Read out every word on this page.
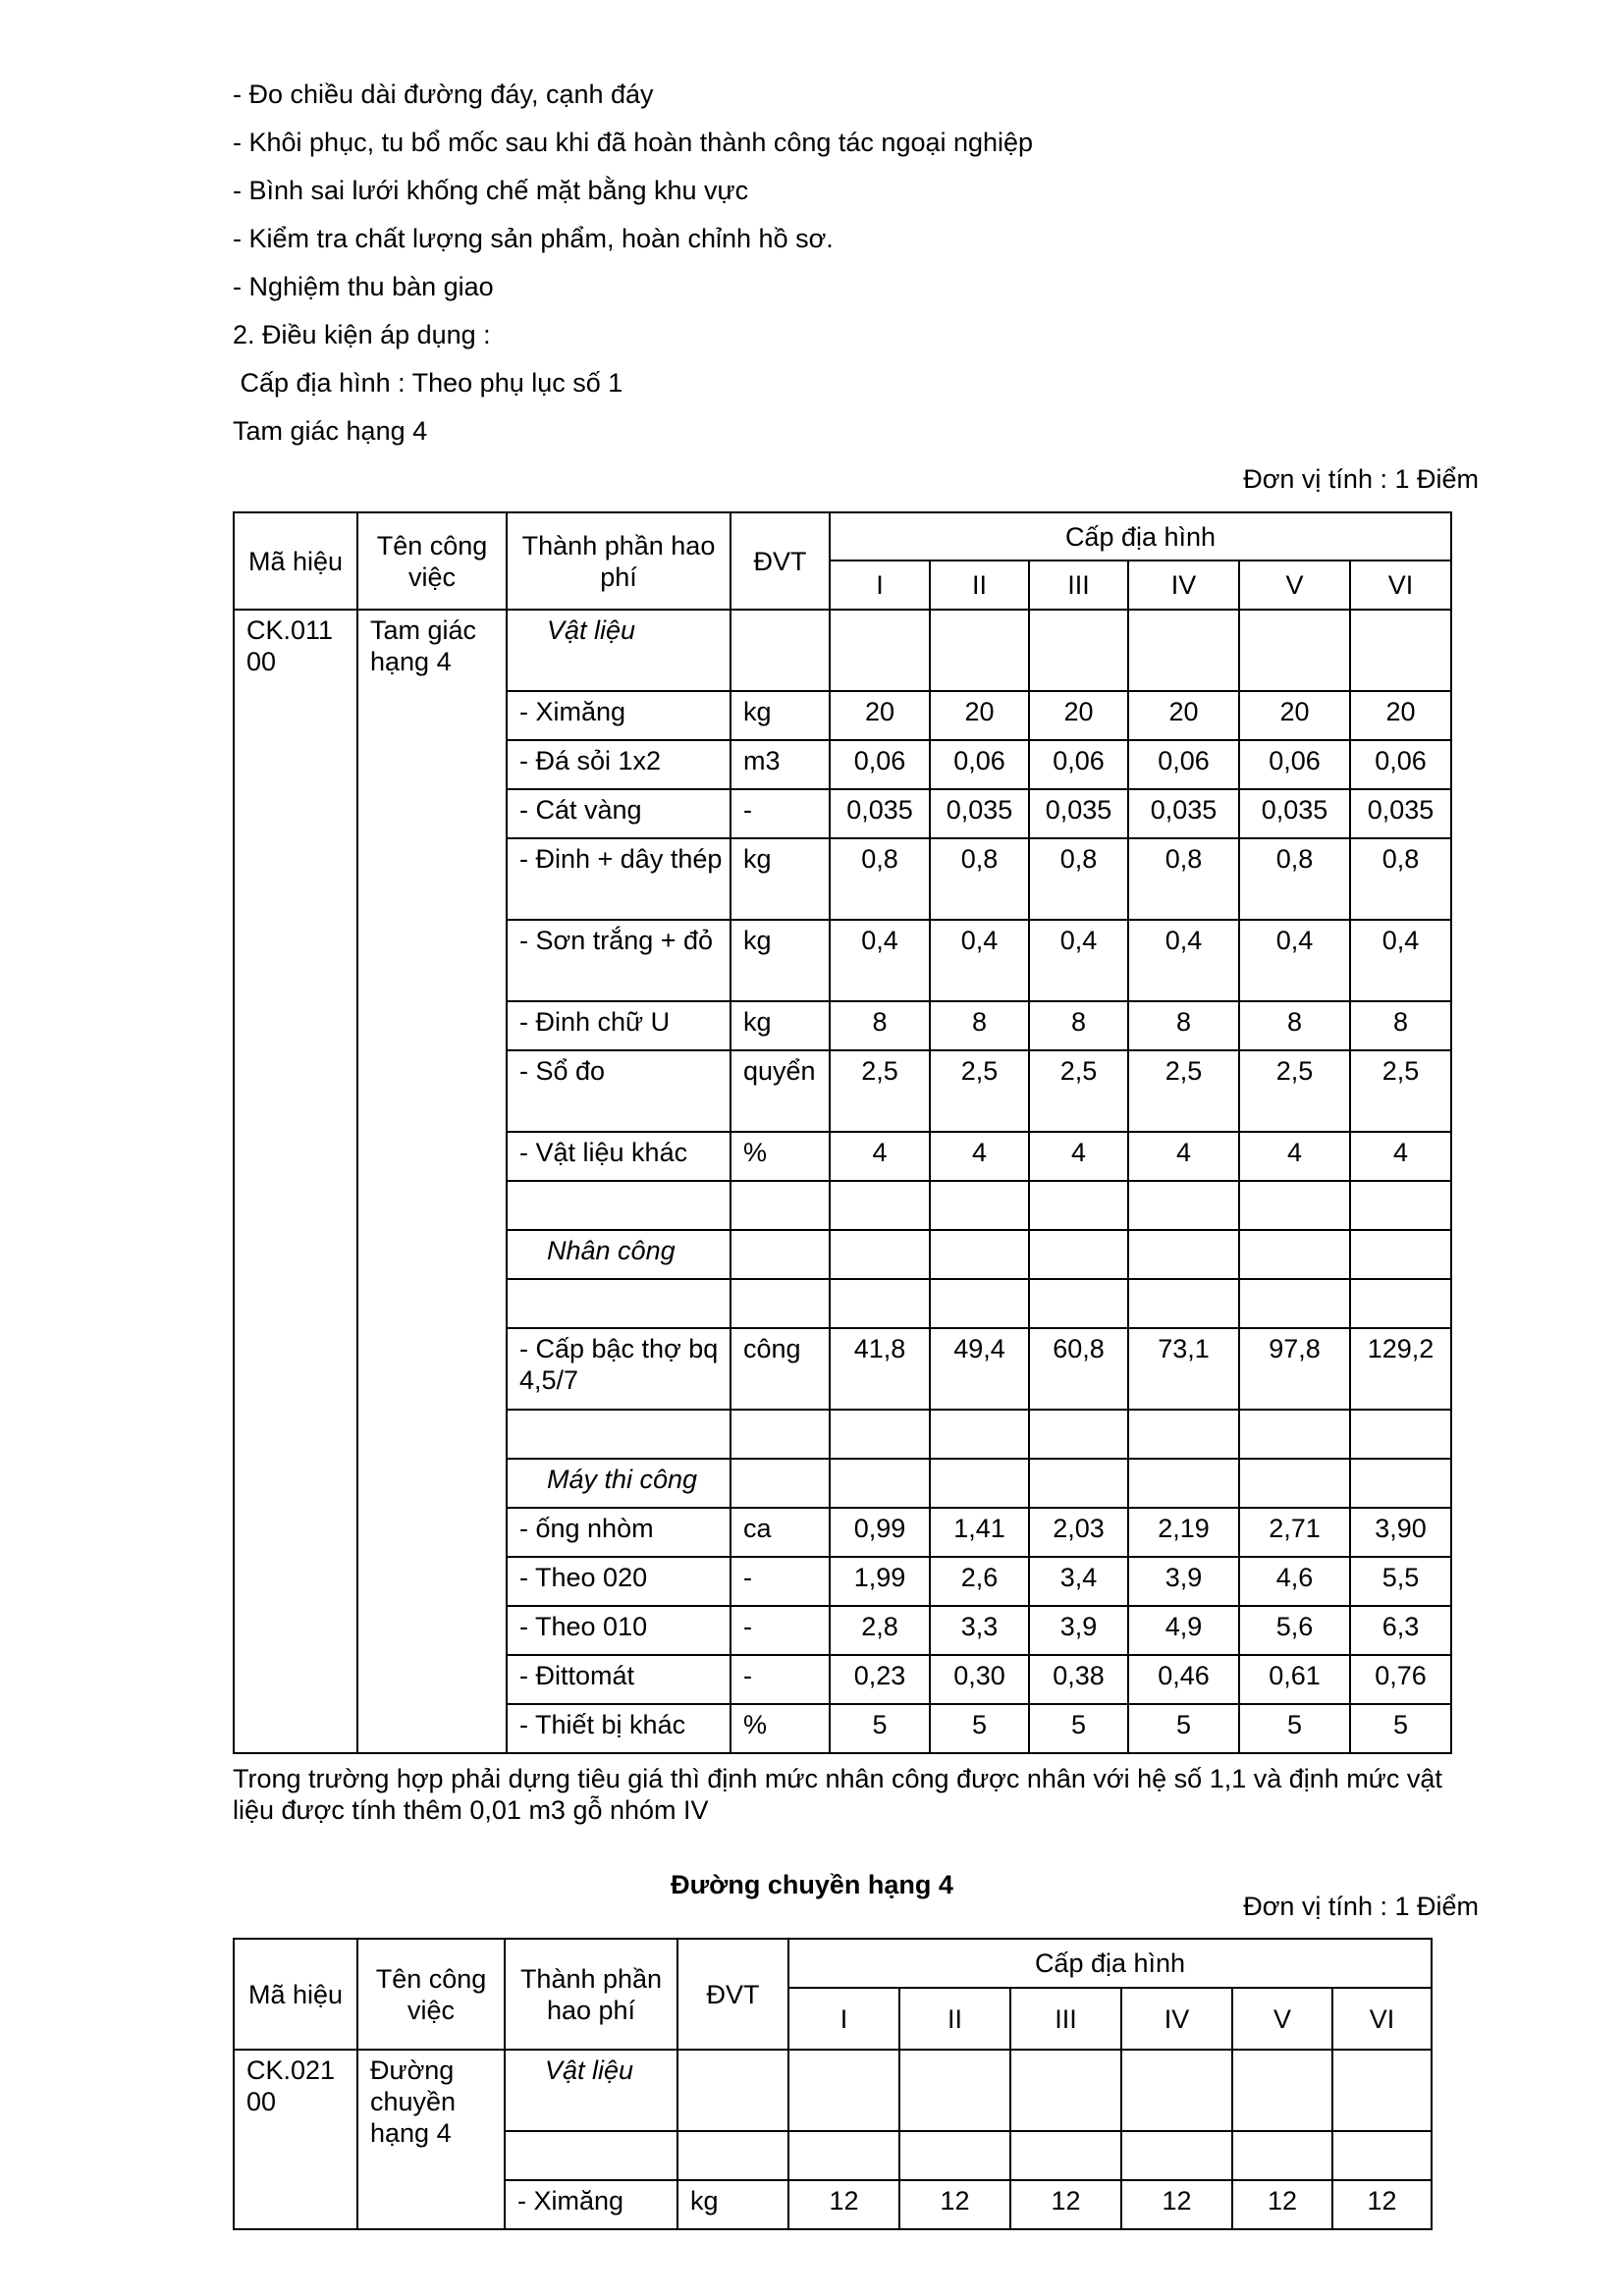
- Đo chiều dài đường đáy, cạnh đáy

- Khôi phục, tu bổ mốc sau khi đã hoàn thành công tác ngoại nghiệp

- Bình sai lưới khống chế mặt bằng khu vực

- Kiểm tra chất lượng sản phẩm, hoàn chỉnh hồ sơ.

- Nghiệm thu bàn giao

2. Điều kiện áp dụng :

Cấp địa hình : Theo phụ lục số 1

Tam giác hạng 4

Đơn vị tính : 1 Điểm

Mã hiệu	Tên công việc	Thành phần hao phí	ĐVT	Cấp địa hình					
				I	II	III	IV	V	VI
CK.011 00	Tam giác hạng 4	Vật liệu							
		- Ximăng	kg	20	20	20	20	20	20
		- Đá sỏi 1x2	m3	0,06	0,06	0,06	0,06	0,06	0,06
		- Cát vàng	-	0,035	0,035	0,035	0,035	0,035	0,035
		- Đinh + dây thép	kg	0,8	0,8	0,8	0,8	0,8	0,8
		- Sơn trắng + đỏ	kg	0,4	0,4	0,4	0,4	0,4	0,4
		- Đinh chữ U	kg	8	8	8	8	8	8
		- Sổ đo	quyển	2,5	2,5	2,5	2,5	2,5	2,5
		- Vật liệu khác	%	4	4	4	4	4	4

		Nhân công							

		- Cấp bậc thợ bq 4,5/7	công	41,8	49,4	60,8	73,1	97,8	129,2

		Máy thi công							
		- ống nhòm	ca	0,99	1,41	2,03	2,19	2,71	3,90
		- Theo 020	-	1,99	2,6	3,4	3,9	4,6	5,5
		- Theo 010	-	2,8	3,3	3,9	4,9	5,6	6,3
		- Đittomát	-	0,23	0,30	0,38	0,46	0,61	0,76
		- Thiết bị khác	%	5	5	5	5	5	5

Trong trường hợp phải dựng tiêu giá thì định mức nhân công được nhân với hệ số 1,1 và định mức vật liệu được tính thêm 0,01 m3 gỗ nhóm IV

Đường chuyền hạng 4

Đơn vị tính : 1 Điểm

Mã hiệu	Tên công việc	Thành phần hao phí	ĐVT	Cấp địa hình					
				I	II	III	IV	V	VI
CK.021 00	Đường chuyền hạng 4	Vật liệu							

		- Ximăng	kg	12	12	12	12	12	12
